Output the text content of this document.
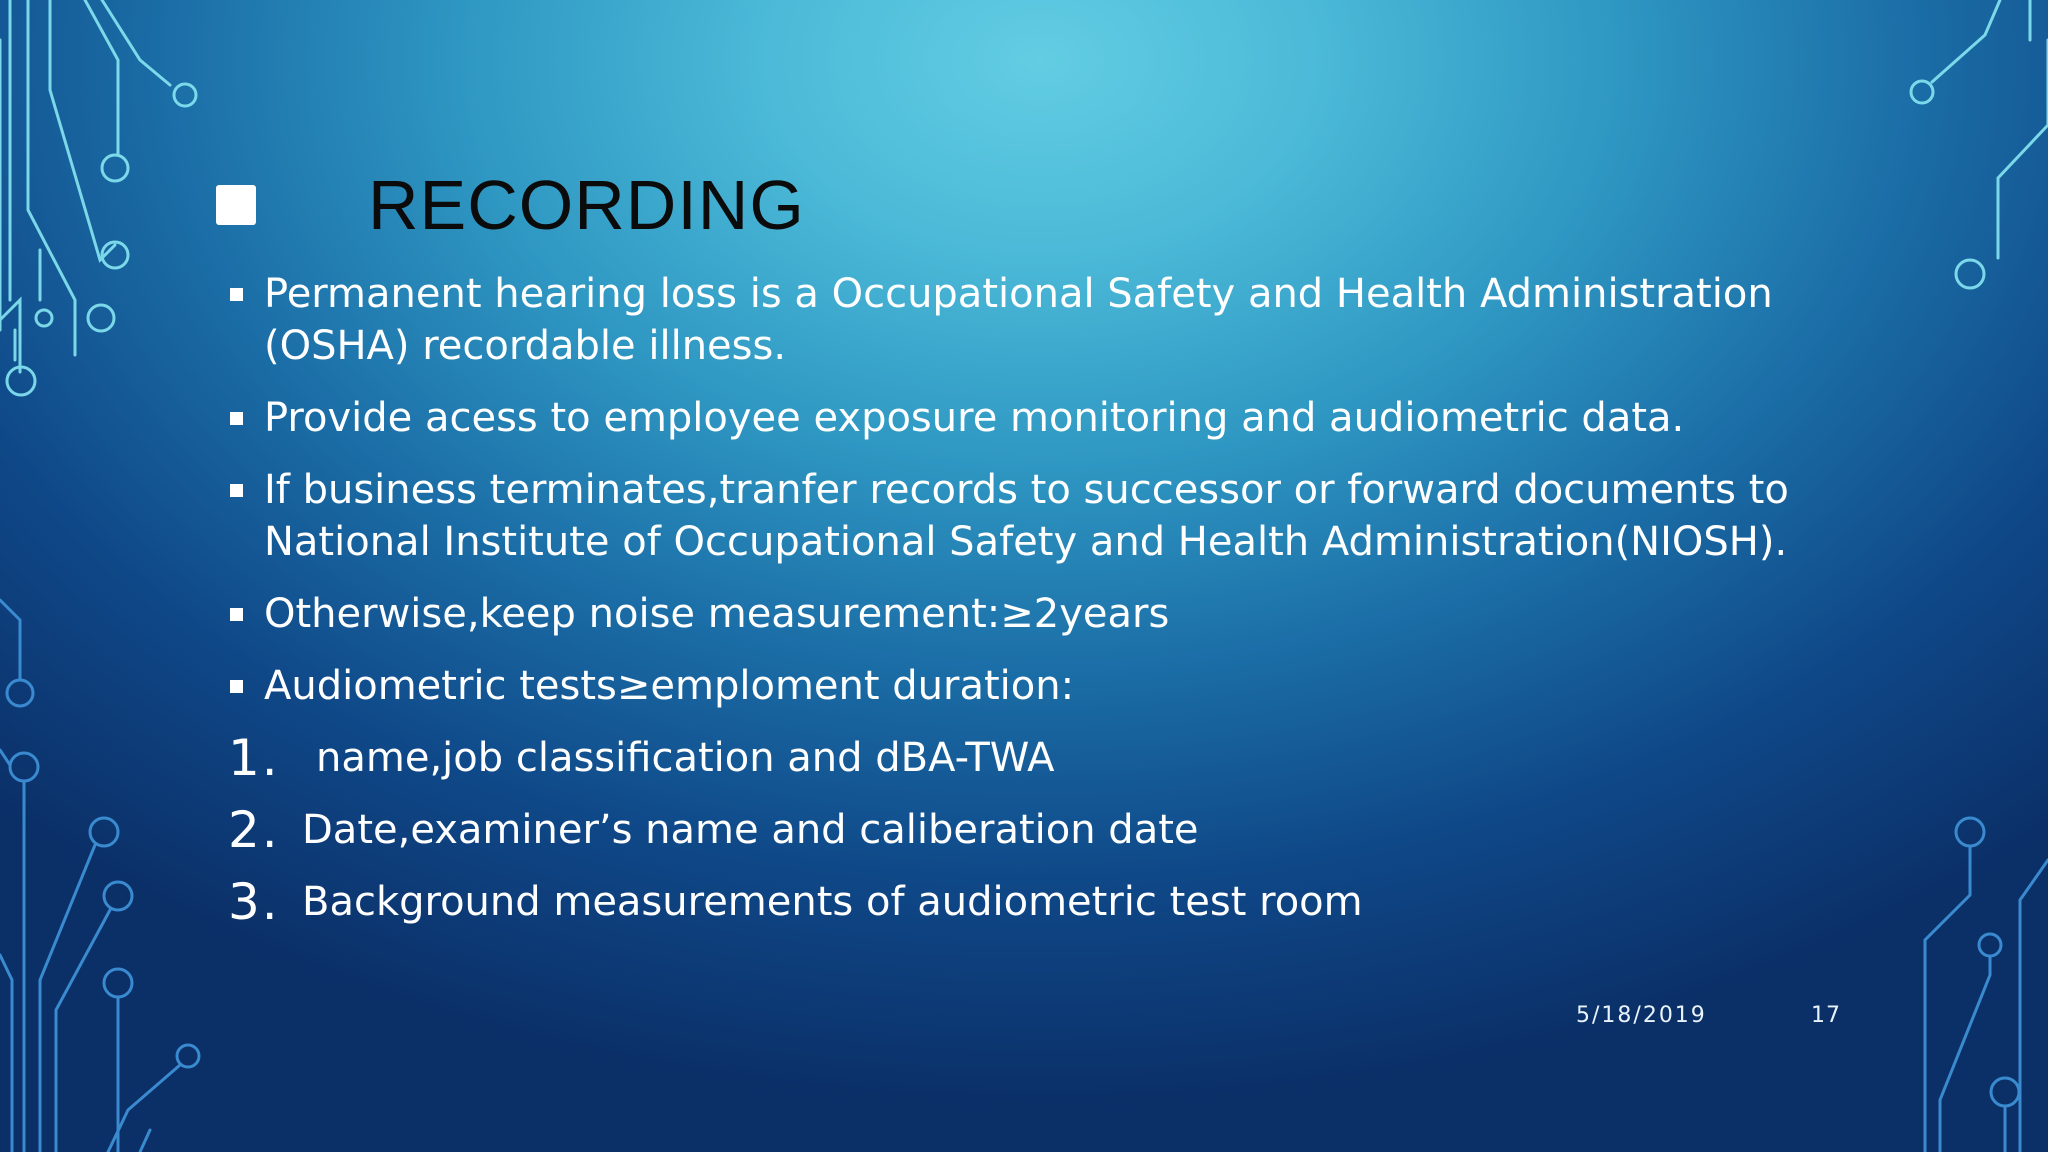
RECORDING
Permanent hearing loss is a Occupational Safety and Health Administration (OSHA) recordable illness.
Provide acess to employee exposure monitoring and audiometric data.
If business terminates,tranfer records to successor or forward documents to National Institute of Occupational Safety and Health Administration(NIOSH).
Otherwise,keep noise measurement:≥2years
Audiometric tests≥emploment duration:
1. name,job classification and dBA-TWA
2. Date,examiner’s name and caliberation date
3. Background measurements of audiometric test room
5/18/2019	17
